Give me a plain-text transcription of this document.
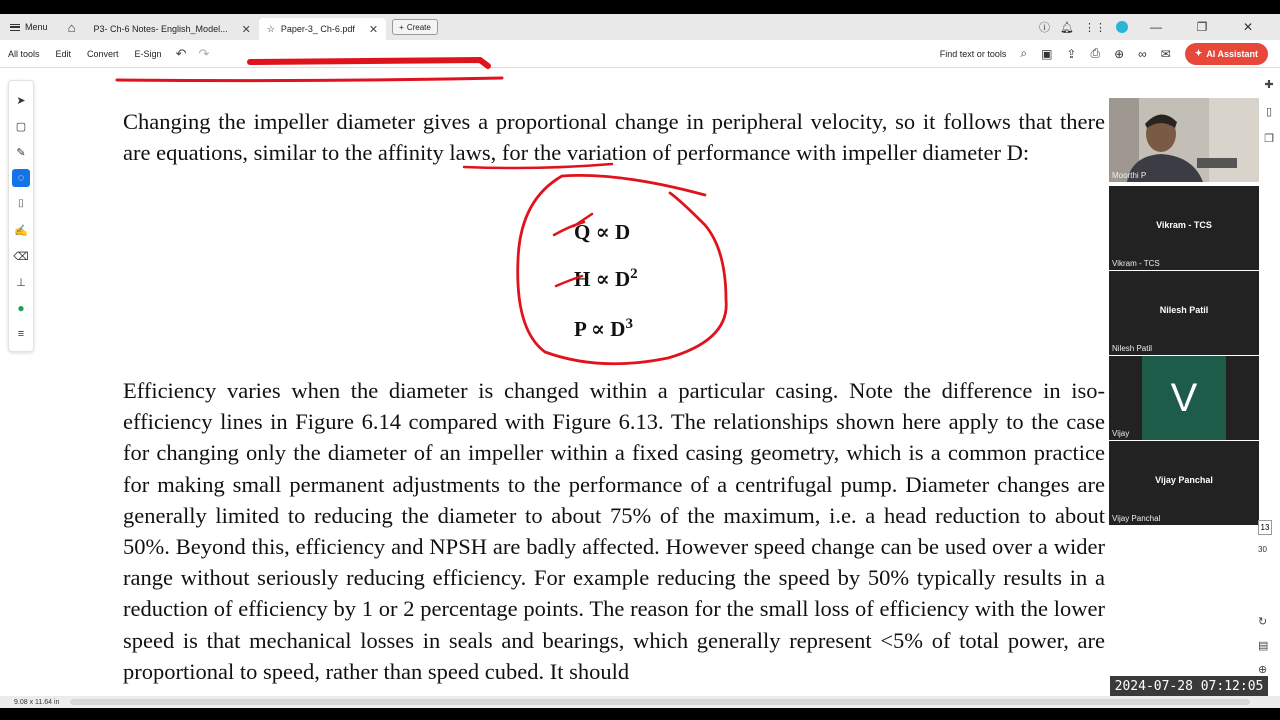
Menu	⌂	P3- Ch-6 Notes- English_Model... ✕ ☆ Paper-3_ Ch-6.pdf ✕	+ Create	ⓘ 🔔︎ ⋮⋮	—	❐	✕
All tools	Edit	Convert	E-Sign	↶ ↷	Find text or tools ⌕ ▣ ⇪ ⎙ ⊕ ∞ ✉	✦ AI Assistant

Changing the impeller diameter gives a proportional change in peripheral velocity, so it follows that there are equations, similar to the affinity laws, for the variation of performance with impeller diameter D:

Q ∝ D
$H \propto D^2$
$P \propto D^3$

Efficiency varies when the diameter is changed within a particular casing. Note the difference in iso-efficiency lines in Figure 6.14 compared with Figure 6.13. The relationships shown here apply to the case for changing only the diameter of an impeller within a fixed casing geometry, which is a common practice for making small permanent adjustments to the performance of a centrifugal pump. Diameter changes are generally limited to reducing the diameter to about 75% of the maximum, i.e. a head reduction to about 50%. Beyond this, efficiency and NPSH are badly affected. However speed change can be used over a wider range without seriously reducing efficiency. For example reducing the speed by 50% typically results in a reduction of efficiency by 1 or 2 percentage points. The reason for the small loss of efficiency with the lower speed is that mechanical losses in seals and bearings, which generally represent <5% of total power, are proportional to speed, rather than speed cubed. It should

➤
▢
✎
◌
⌷
✍
⌫
⊥
●
≡
✚
▯
❐
Moorthi P
Vikram - TCS
Vikram - TCS
Nilesh Patil
Nilesh Patil
V
Vijay
Vijay Panchal
Vijay Panchal
13
30
↻
▤
⊕
9.08 x 11.64 in
2024-07-28 07:12:05
